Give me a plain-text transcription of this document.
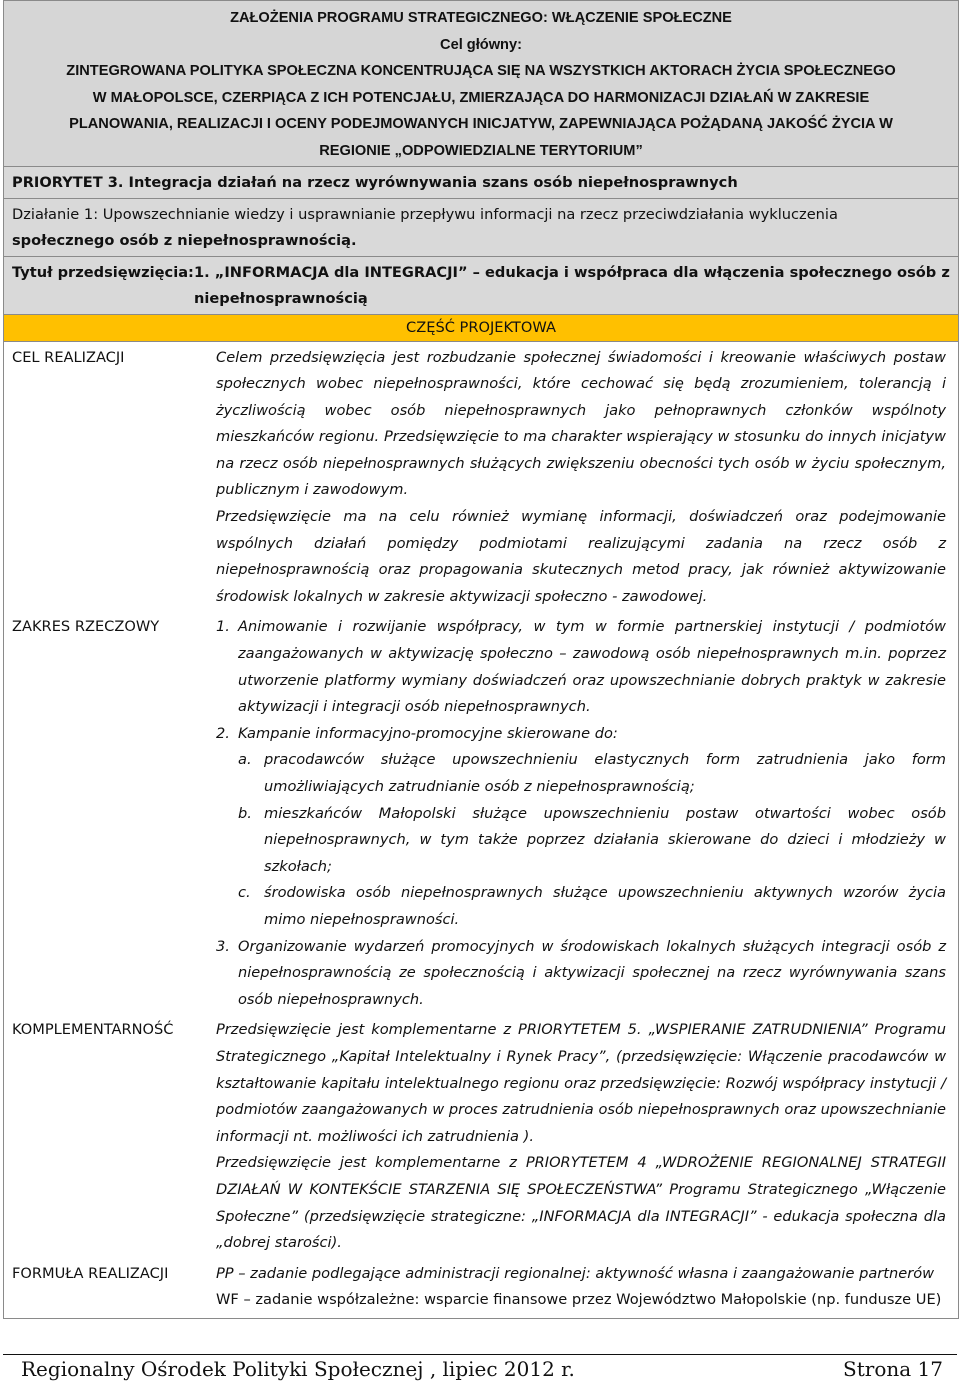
ZAŁOŻENIA PROGRAMU STRATEGICZNEGO: WŁĄCZENIE SPOŁECZNE
Cel główny:
ZINTEGROWANA POLITYKA SPOŁECZNA KONCENTRUJĄCA SIĘ NA WSZYSTKICH AKTORACH ŻYCIA SPOŁECZNEGO
W MAŁOPOLSCE, CZERPIĄCA Z ICH POTENCJAŁU, ZMIERZAJĄCA DO HARMONIZACJI DZIAŁAŃ W ZAKRESIE
PLANOWANIA, REALIZACJI I OCENY PODEJMOWANYCH INICJATYW, ZAPEWNIAJĄCA POŻĄDANĄ JAKOŚĆ ŻYCIA W
REGIONIE „ODPOWIEDZIALNE TERYTORIUM”
PRIORYTET 3. Integracja działań na rzecz wyrównywania szans osób niepełnosprawnych
Działanie 1: Upowszechnianie wiedzy i usprawnianie przepływu informacji na rzecz przeciwdziałania wykluczenia
społecznego osób z niepełnosprawnością.
Tytuł przedsięwzięcia: 1. „INFORMACJA dla INTEGRACJI” – edukacja i współpraca dla włączenia społecznego osób z
niepełnosprawnością
CZĘŚĆ PROJEKTOWA
CEL REALIZACJI	Celem przedsięwzięcia jest rozbudzanie społecznej świadomości i kreowanie właściwych postaw społecznych wobec niepełnosprawności, które cechować się będą zrozumieniem, tolerancją i życzliwością wobec osób niepełnosprawnych jako pełnoprawnych członków wspólnoty mieszkańców regionu. Przedsięwzięcie to ma charakter wspierający w stosunku do innych inicjatyw na rzecz osób niepełnosprawnych służących zwiększeniu obecności tych osób w życiu społecznym, publicznym i zawodowym.

Przedsięwzięcie ma na celu również wymianę informacji, doświadczeń oraz podejmowanie wspólnych działań pomiędzy podmiotami realizującymi zadania na rzecz osób z niepełnosprawnością oraz propagowania skutecznych metod pracy, jak również aktywizowanie środowisk lokalnych w zakresie aktywizacji społeczno - zawodowej.

ZAKRES RZECZOWY	1. Animowanie i rozwijanie współpracy, w tym w formie partnerskiej instytucji / podmiotów zaangażowanych w aktywizację społeczno – zawodową osób niepełnosprawnych m.in. poprzez utworzenie platformy wymiany doświadczeń oraz upowszechnianie dobrych praktyk w zakresie aktywizacji i integracji osób niepełnosprawnych.
2. Kampanie informacyjno-promocyjne skierowane do:
a. pracodawców służące upowszechnieniu elastycznych form zatrudnienia jako form umożliwiających zatrudnianie osób z niepełnosprawnością;
b. mieszkańców Małopolski służące upowszechnieniu postaw otwartości wobec osób niepełnosprawnych, w tym także poprzez działania skierowane do dzieci i młodzieży w szkołach;
c. środowiska osób niepełnosprawnych służące upowszechnieniu aktywnych wzorów życia mimo niepełnosprawności.
3. Organizowanie wydarzeń promocyjnych w środowiskach lokalnych służących integracji osób z niepełnosprawnością ze społecznością i aktywizacji społecznej na rzecz wyrównywania szans osób niepełnosprawnych.
KOMPLEMENTARNOŚĆ	Przedsięwzięcie jest komplementarne z PRIORYTETEM 5. „WSPIERANIE ZATRUDNIENIA” Programu Strategicznego „Kapitał Intelektualny i Rynek Pracy”, (przedsięwzięcie: Włączenie pracodawców w kształtowanie kapitału intelektualnego regionu oraz przedsięwzięcie: Rozwój współpracy instytucji / podmiotów zaangażowanych w proces zatrudnienia osób niepełnosprawnych oraz upowszechnianie informacji nt. możliwości ich zatrudnienia ).

Przedsięwzięcie jest komplementarne z PRIORYTETEM 4 „WDROŻENIE REGIONALNEJ STRATEGII DZIAŁAŃ W KONTEKŚCIE STARZENIA SIĘ SPOŁECZEŃSTWA” Programu Strategicznego „Włączenie Społeczne” (przedsięwzięcie strategiczne: „INFORMACJA dla INTEGRACJI” - edukacja społeczna dla „dobrej starości).

FORMUŁA REALIZACJI	PP – zadanie podlegające administracji regionalnej: aktywność własna i zaangażowanie partnerów

WF – zadanie współzależne: wsparcie finansowe przez Województwo Małopolskie (np. fundusze UE)

Regionalny Ośrodek Polityki Społecznej , lipiec 2012 r.	Strona 17
